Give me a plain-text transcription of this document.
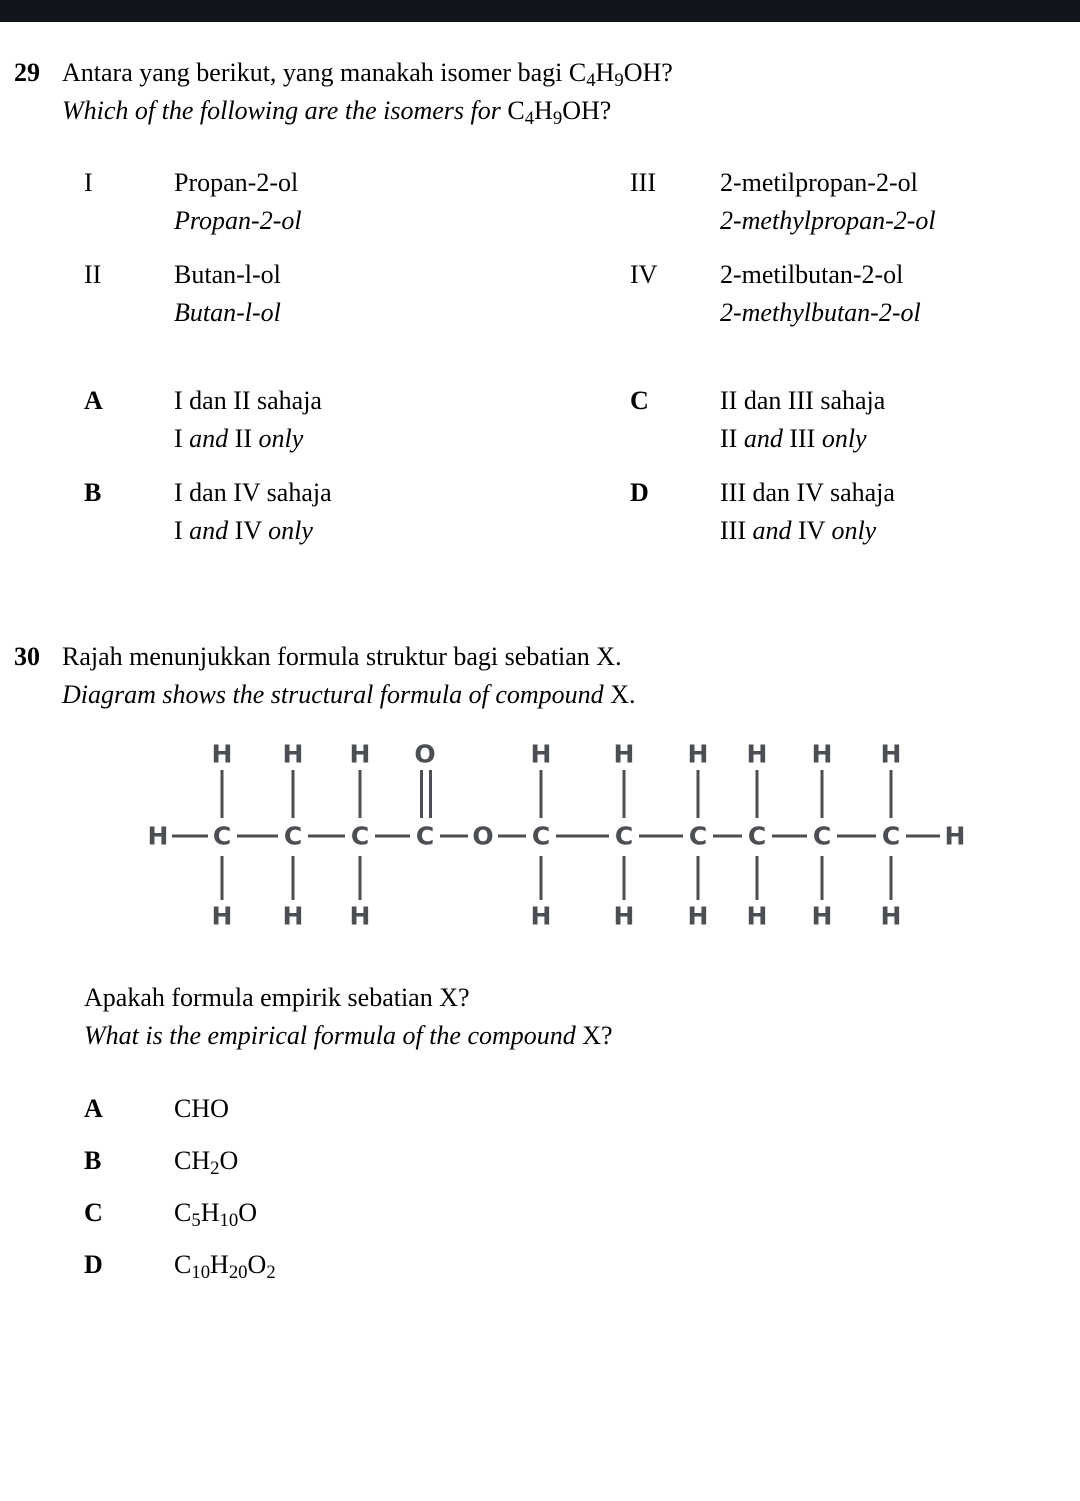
29 Antara yang berikut, yang manakah isomer bagi $C_4H_9OH$?
Which of the following are the isomers for $C_4H_9OH$?
I	Propan-2-ol
Propan-2-ol
II	Butan-l-ol
Butan-l-ol
III	2-metilpropan-2-ol
2-methylpropan-2-ol
IV	2-metilbutan-2-ol
2-methylbutan-2-ol
A	I dan II sahaja
I and II only
B	I dan IV sahaja
I and IV only
C	II dan III sahaja
II and III only
D	III dan IV sahaja
III and IV only
30 Rajah menunjukkan formula struktur bagi sebatian X.
Diagram shows the structural formula of compound X.
H H H O	H H H H H H
H C C C C O C	C C C C C H
H H H	H H H H H H
Apakah formula empirik sebatian X?
What is the empirical formula of the compound X?
A	CHO
B	$CH_2O$
C	$C_5H_{10}O$
D	$C_{10}H_{20}O_2$
